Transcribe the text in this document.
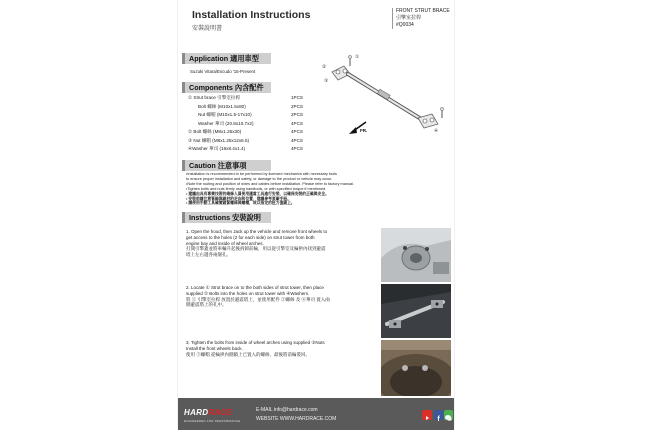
Installation Instructions
安裝說明書
FRONT STRUT BRACE
引擎室拉桿
#Q0034
Application 適用車型
Suzuki Vitara/Escudo '15-Present
Components 內含配件
① Strut brace 引擎室拉桿	1PCS
Bolt 螺絲 (M10x1.5x80)	2PCS
Nut 螺帽 (M10x1.5-17x10)	2PCS
Washer 華司 (20.8x10.7x2)	4PCS
② Bolt 螺絲 (M8x1.25x30)	4PCS
③ Nut 螺帽 (M8x1.25x12x6.5)	4PCS
④Washer 華司 (16x8.4x1.4)	4PCS
①
②
③
④
FR.
Caution 注意事項
•Installation is recommended to be performed by licensed mechanics with necessary tools
to ensure proper installation and safety, or damage to the product or vehicle may occur.
•Note the routing and position of wires and cables before installation. Please refer to factory manual.
•Tighten bolts and nuts firmly using handtools, or with specified torque if mentioned.
• 建議由具有專業技術的維修人員使用適當工具進行安裝，以確保安裝的正確與安全。
• 安裝前請注意管線與線材的走向和位置，建議參考原廠手冊。
• 請使用手動工具確實鎖緊螺絲與螺帽，或以指定的扭力值鎖上。
Instructions 安裝說明
1. Open the hood, then Jack up the vehicle and remove front wheels to
get access to the holes (2 for each side) on strut tower from both
engine bay and inside of wheel arches.
打開引擎蓋並將車輛升起後拆卸前輪，用以從引擎室及輪拱內找到避震
塔上左右邊各兩個孔。
2. Locate ① Strut brace on to the both sides of strut tower, then place
supplied ② Bolts into the holes on strut tower with ④Washers.
將 ① 引擎室拉桿 放置於避震塔上，並使用配件 ②螺絲 及 ④華司 置入兩
側避震塔上的孔中。
3. Tighten the bolts from inside of wheel arches using supplied ③Nuts
Install the front wheels back.
使用 ③螺帽 從輪拱內側鎖上已置入的螺絲，最後將前輪裝回。
HARDRACE
ENGINEERED FOR PERFORMANCE
E-MAIL info@hardrace.com
WEBSITE WWW.HARDRACE.COM	f
